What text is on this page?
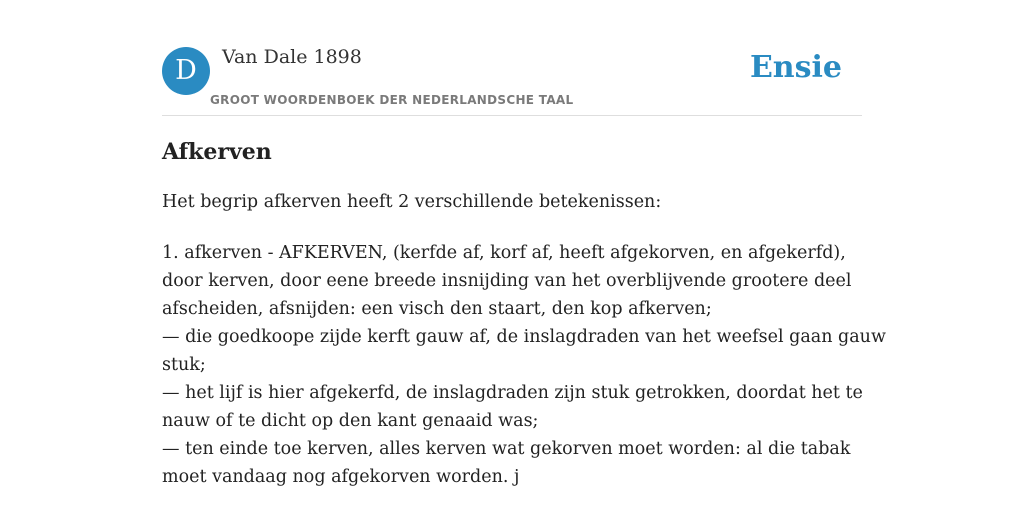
D	Van Dale 1898
GROOT WOORDENBOEK DER NEDERLANDSCHE TAAL
Ensie
Afkerven

Het begrip afkerven heeft 2 verschillende betekenissen:

1. afkerven - AFKERVEN, (kerfde af, korf af, heeft afgekorven, en afgekerfd),
door kerven, door eene breede insnijding van het overblijvende grootere deel
afscheiden, afsnijden: een visch den staart, den kop afkerven;
— die goedkoope zijde kerft gauw af, de inslagdraden van het weefsel gaan gauw
stuk;
— het lijf is hier afgekerfd, de inslagdraden zijn stuk getrokken, doordat het te
nauw of te dicht op den kant genaaid was;
— ten einde toe kerven, alles kerven wat gekorven moet worden: al die tabak
moet vandaag nog afgekorven worden. j
